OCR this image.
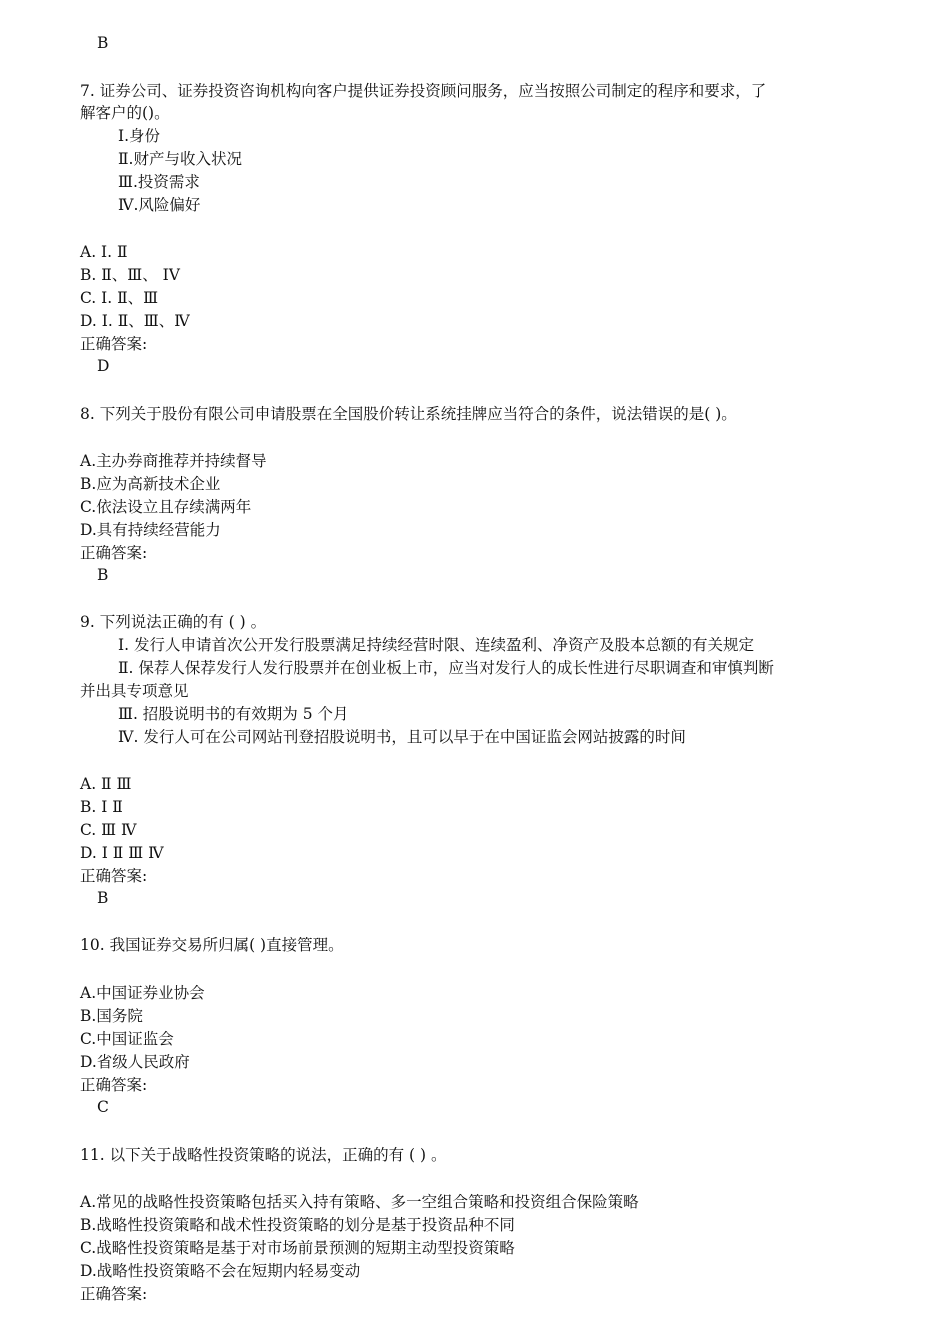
B
7. 证券公司、证券投资咨询机构向客户提供证券投资顾问服务，应当按照公司制定的程序和要求，了
解客户的()。
Ⅰ.身份
Ⅱ.财产与收入状况
Ⅲ.投资需求
Ⅳ.风险偏好
A. Ⅰ. Ⅱ
B. Ⅱ、Ⅲ、 IV
C. Ⅰ. Ⅱ、Ⅲ
D. Ⅰ. Ⅱ、Ⅲ、Ⅳ
正确答案:
D
8. 下列关于股份有限公司申请股票在全国股价转让系统挂牌应当符合的条件，说法错误的是( )。
A.主办券商推荐并持续督导
B.应为高新技术企业
C.依法设立且存续满两年
D.具有持续经营能力
正确答案:
B
9. 下列说法正确的有 ( ) 。
Ⅰ. 发行人申请首次公开发行股票满足持续经营时限、连续盈利、净资产及股本总额的有关规定
Ⅱ. 保荐人保荐发行人发行股票并在创业板上市，应当对发行人的成长性进行尽职调查和审慎判断
并出具专项意见
Ⅲ. 招股说明书的有效期为 5 个月
Ⅳ. 发行人可在公司网站刊登招股说明书，且可以早于在中国证监会网站披露的时间
A. Ⅱ Ⅲ
B. Ⅰ Ⅱ
C. Ⅲ Ⅳ
D. Ⅰ Ⅱ Ⅲ Ⅳ
正确答案:
B
10. 我国证券交易所归属( )直接管理。
A.中国证券业协会
B.国务院
C.中国证监会
D.省级人民政府
正确答案:
C
11. 以下关于战略性投资策略的说法，正确的有 ( ) 。
A.常见的战略性投资策略包括买入持有策略、多一空组合策略和投资组合保险策略
B.战略性投资策略和战术性投资策略的划分是基于投资品种不同
C.战略性投资策略是基于对市场前景预测的短期主动型投资策略
D.战略性投资策略不会在短期内轻易变动
正确答案:
